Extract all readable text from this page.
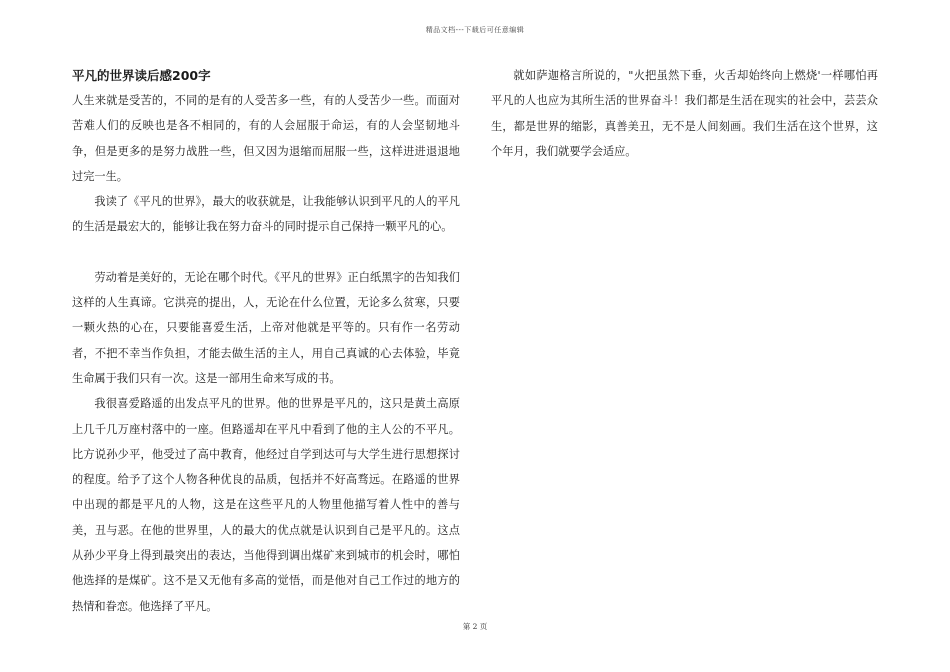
精品文档---下载后可任意编辑
平凡的世界读后感200字

人生来就是受苦的，不同的是有的人受苦多一些，有的人受苦少一些。而面对苦难人们的反映也是各不相同的，有的人会屈服于命运，有的人会坚韧地斗争，但是更多的是努力战胜一些，但又因为退缩而屈服一些，这样进进退退地过完一生。

我读了《平凡的世界》，最大的收获就是，让我能够认识到平凡的人的平凡的生活是最宏大的，能够让我在努力奋斗的同时提示自己保持一颗平凡的心。

劳动着是美好的，无论在哪个时代。《平凡的世界》正白纸黑字的告知我们这样的人生真谛。它洪亮的提出，人，无论在什么位置，无论多么贫寒，只要一颗火热的心在，只要能喜爱生活，上帝对他就是平等的。只有作一名劳动者，不把不幸当作负担，才能去做生活的主人，用自己真诚的心去体验，毕竟生命属于我们只有一次。这是一部用生命来写成的书。

我很喜爱路遥的出发点平凡的世界。他的世界是平凡的，这只是黄土高原上几千几万座村落中的一座。但路遥却在平凡中看到了他的主人公的不平凡。比方说孙少平，他受过了高中教育，他经过自学到达可与大学生进行思想探讨的程度。给予了这个人物各种优良的品质，包括并不好高骛远。在路遥的世界中出现的都是平凡的人物，这是在这些平凡的人物里他描写着人性中的善与美，丑与恶。在他的世界里，人的最大的优点就是认识到自己是平凡的。这点从孙少平身上得到最突出的表达，当他得到调出煤矿来到城市的机会时，哪怕他选择的是煤矿。这不是又无他有多高的觉悟，而是他对自己工作过的地方的热情和眷恋。他选择了平凡。

就如萨迦格言所说的，"火把虽然下垂，火舌却始终向上燃烧'一样哪怕再平凡的人也应为其所生活的世界奋斗！我们都是生活在现实的社会中，芸芸众生，都是世界的缩影，真善美丑，无不是人间刻画。我们生活在这个世界，这个年月，我们就要学会适应。

第 2 页
